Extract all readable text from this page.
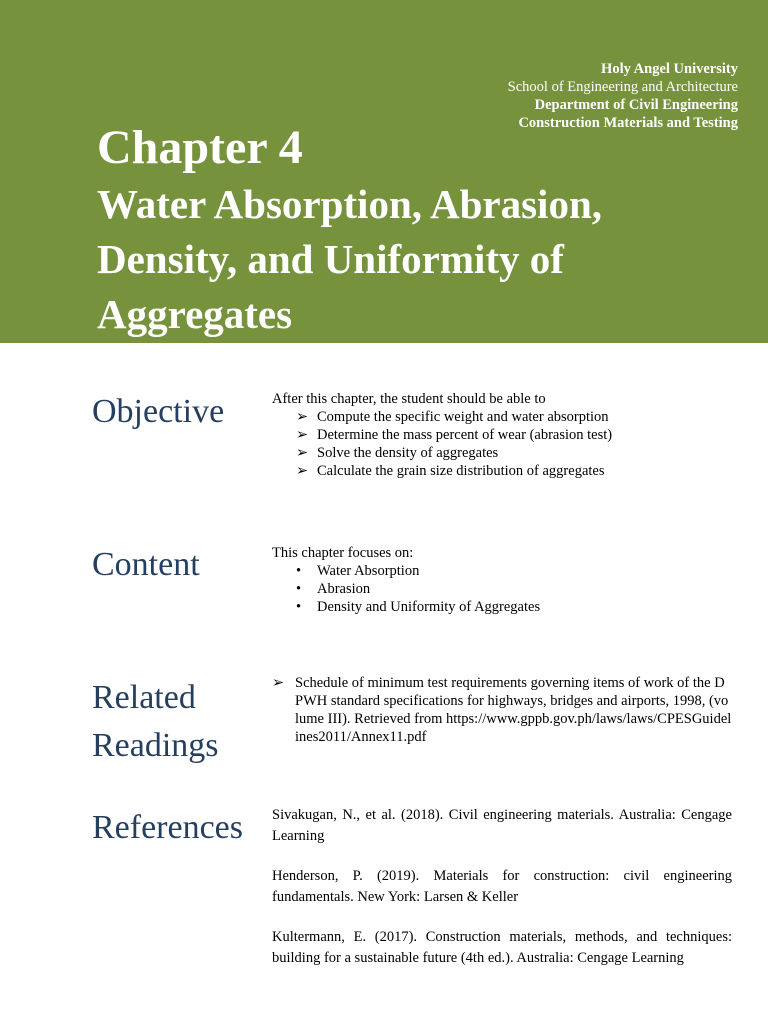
Holy Angel University
School of Engineering and Architecture
Department of Civil Engineering
Construction Materials and Testing
Chapter 4
Water Absorption, Abrasion, Density, and Uniformity of Aggregates
Objective	After this chapter, the student should be able to
➢ Compute the specific weight and water absorption
➢ Determine the mass percent of wear (abrasion test)
➢ Solve the density of aggregates
➢ Calculate the grain size distribution of aggregates
Content	This chapter focuses on:
• Water Absorption
• Abrasion
• Density and Uniformity of Aggregates
Related Readings
➢ Schedule of minimum test requirements governing items of work of the DPWH standard specifications for highways, bridges and airports, 1998, (volume III). Retrieved from https://www.gppb.gov.ph/laws/laws/CPESGuidelines2011/Annex11.pdf
References Sivakugan, N., et al. (2018). Civil engineering materials. Australia: Cengage Learning

Henderson, P. (2019). Materials for construction: civil engineering fundamentals. New York: Larsen & Keller

Kultermann, E. (2017). Construction materials, methods, and techniques: building for a sustainable future (4th ed.). Australia: Cengage Learning
